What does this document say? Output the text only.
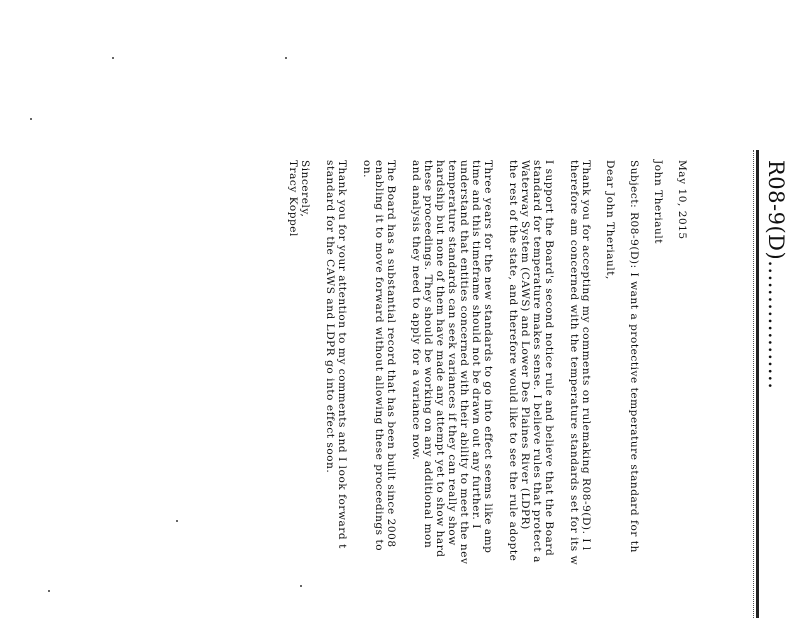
R08-9(D)..................
May 10, 2015
John Theriault
Subject: R08-9(D): I want a protective temperature standard for th
Dear John Theriault,
Thank you for accepting my comments on rulemaking R08-9(D). I l
therefore am concerned with the temperature standards set for its w
I support the Board's second notice rule and believe that the Board
standard for temperature makes sense. I believe rules that protect a
Waterway System (CAWS) and Lower Des Plaines River (LDPR)
the rest of the state, and therefore would like to see the rule adopte
Three years for the new standards to go into effect seems like amp
time and this timeframe should not be drawn out any further. I
understand that entities concerned with their ability to meet the nev
temperature standards can seek variances if they can really show
hardship but none of them have made any attempt yet to show hard
these proceedings. They should be working on any additional mon
and analysis they need to apply for a variance now.
The Board has a substantial record that has been built since 2008
enabling it to move forward without allowing these proceedings to
on.
Thank you for your attention to my comments and I look forward t
standard for the CAWS and LDPR go into effect soon.
Sincerely,
Tracy Koppel
